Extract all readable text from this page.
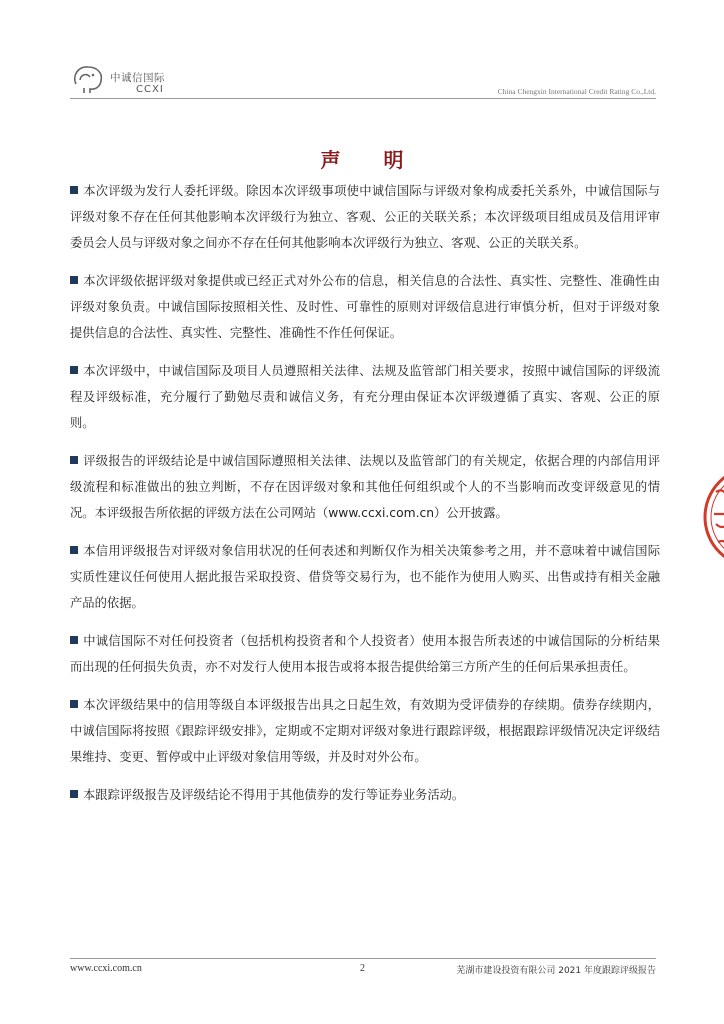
中诚信国际
CCXI	China Chengxin International Credit Rating Co.,Ltd.
声 明

本次评级为发行人委托评级。除因本次评级事项使中诚信国际与评级对象构成委托关系外，中诚信国际与评级对象不存在任何其他影响本次评级行为独立、客观、公正的关联关系；本次评级项目组成员及信用评审委员会人员与评级对象之间亦不存在任何其他影响本次评级行为独立、客观、公正的关联关系。

本次评级依据评级对象提供或已经正式对外公布的信息，相关信息的合法性、真实性、完整性、准确性由评级对象负责。中诚信国际按照相关性、及时性、可靠性的原则对评级信息进行审慎分析，但对于评级对象提供信息的合法性、真实性、完整性、准确性不作任何保证。

本次评级中，中诚信国际及项目人员遵照相关法律、法规及监管部门相关要求，按照中诚信国际的评级流程及评级标准，充分履行了勤勉尽责和诚信义务，有充分理由保证本次评级遵循了真实、客观、公正的原则。

评级报告的评级结论是中诚信国际遵照相关法律、法规以及监管部门的有关规定，依据合理的内部信用评级流程和标准做出的独立判断，不存在因评级对象和其他任何组织或个人的不当影响而改变评级意见的情况。本评级报告所依据的评级方法在公司网站（www.ccxi.com.cn）公开披露。

本信用评级报告对评级对象信用状况的任何表述和判断仅作为相关决策参考之用，并不意味着中诚信国际实质性建议任何使用人据此报告采取投资、借贷等交易行为，也不能作为使用人购买、出售或持有相关金融产品的依据。

中诚信国际不对任何投资者（包括机构投资者和个人投资者）使用本报告所表述的中诚信国际的分析结果而出现的任何损失负责，亦不对发行人使用本报告或将本报告提供给第三方所产生的任何后果承担责任。

本次评级结果中的信用等级自本评级报告出具之日起生效，有效期为受评债券的存续期。债券存续期内，中诚信国际将按照《跟踪评级安排》，定期或不定期对评级对象进行跟踪评级，根据跟踪评级情况决定评级结果维持、变更、暂停或中止评级对象信用等级，并及时对外公布。

本跟踪评级报告及评级结论不得用于其他债券的发行等证券业务活动。

www.ccxi.com.cn	2	芜湖市建设投资有限公司 2021 年度跟踪评级报告
